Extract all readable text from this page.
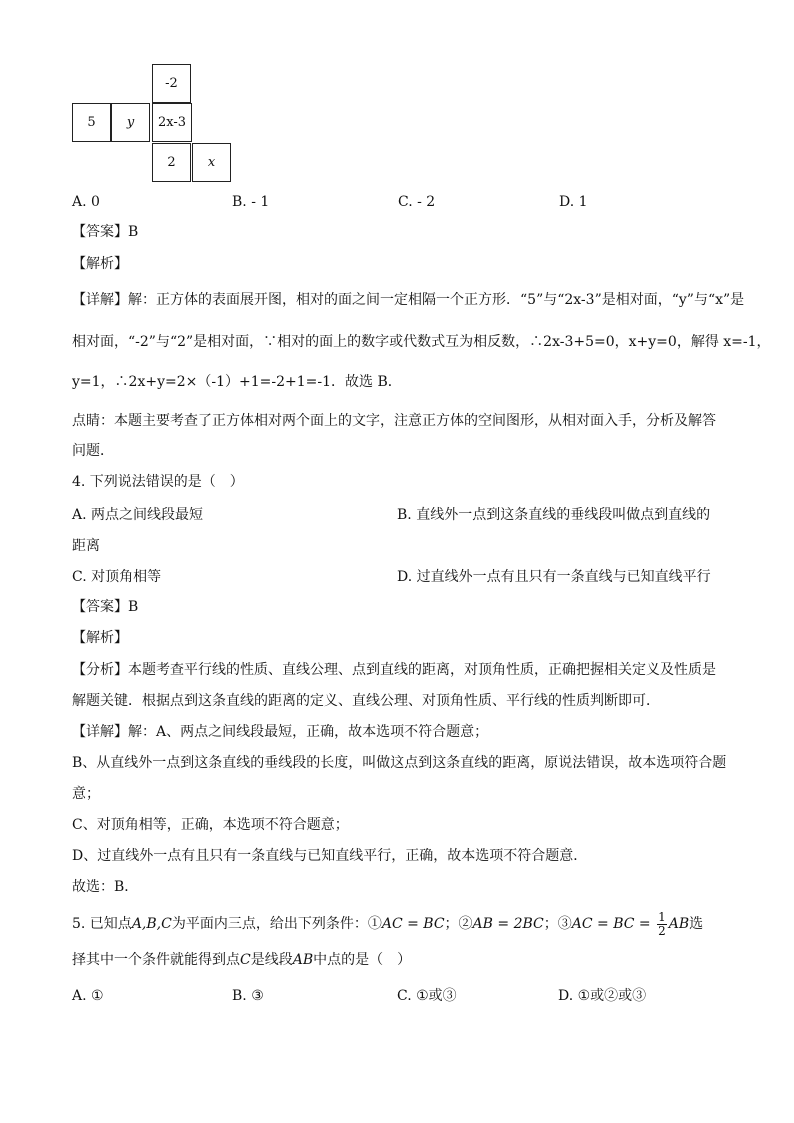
-2
5	y	2x-3
2	x
A. 0	B. - 1	C. - 2	D. 1
【答案】B
【解析】
【详解】解：正方体的表面展开图，相对的面之间一定相隔一个正方形．“5”与“2x-3”是相对面，“y”与“x”是
相对面，“-2”与“2”是相对面，∵相对的面上的数字或代数式互为相反数，∴2x-3+5=0，x+y=0，解得 x=-1，
y=1，∴2x+y=2×（-1）+1=-2+1=-1．故选 B．
点睛：本题主要考查了正方体相对两个面上的文字，注意正方体的空间图形，从相对面入手，分析及解答
问题．
4. 下列说法错误的是（　）
A. 两点之间线段最短	B. 直线外一点到这条直线的垂线段叫做点到直线的
距离
C. 对顶角相等	D. 过直线外一点有且只有一条直线与已知直线平行
【答案】B
【解析】
【分析】本题考查平行线的性质、直线公理、点到直线的距离，对顶角性质，正确把握相关定义及性质是
解题关键．根据点到这条直线的距离的定义、直线公理、对顶角性质、平行线的性质判断即可．
【详解】解：A、两点之间线段最短，正确，故本选项不符合题意；
B、从直线外一点到这条直线的垂线段的长度，叫做这点到这条直线的距离，原说法错误，故本选项符合题
意；
C、对顶角相等，正确，本选项不符合题意；
D、过直线外一点有且只有一条直线与已知直线平行，正确，故本选项不符合题意．
故选：B．
5. 已知点A,B,C为平面内三点，给出下列条件：①AC = BC；②AB = 2BC；③AC = BC = $\frac{1}{2}$ AB选
择其中一个条件就能得到点C是线段AB中点的是（　）
A. ①	B. ③	C. ①或③	D. ①或②或③
